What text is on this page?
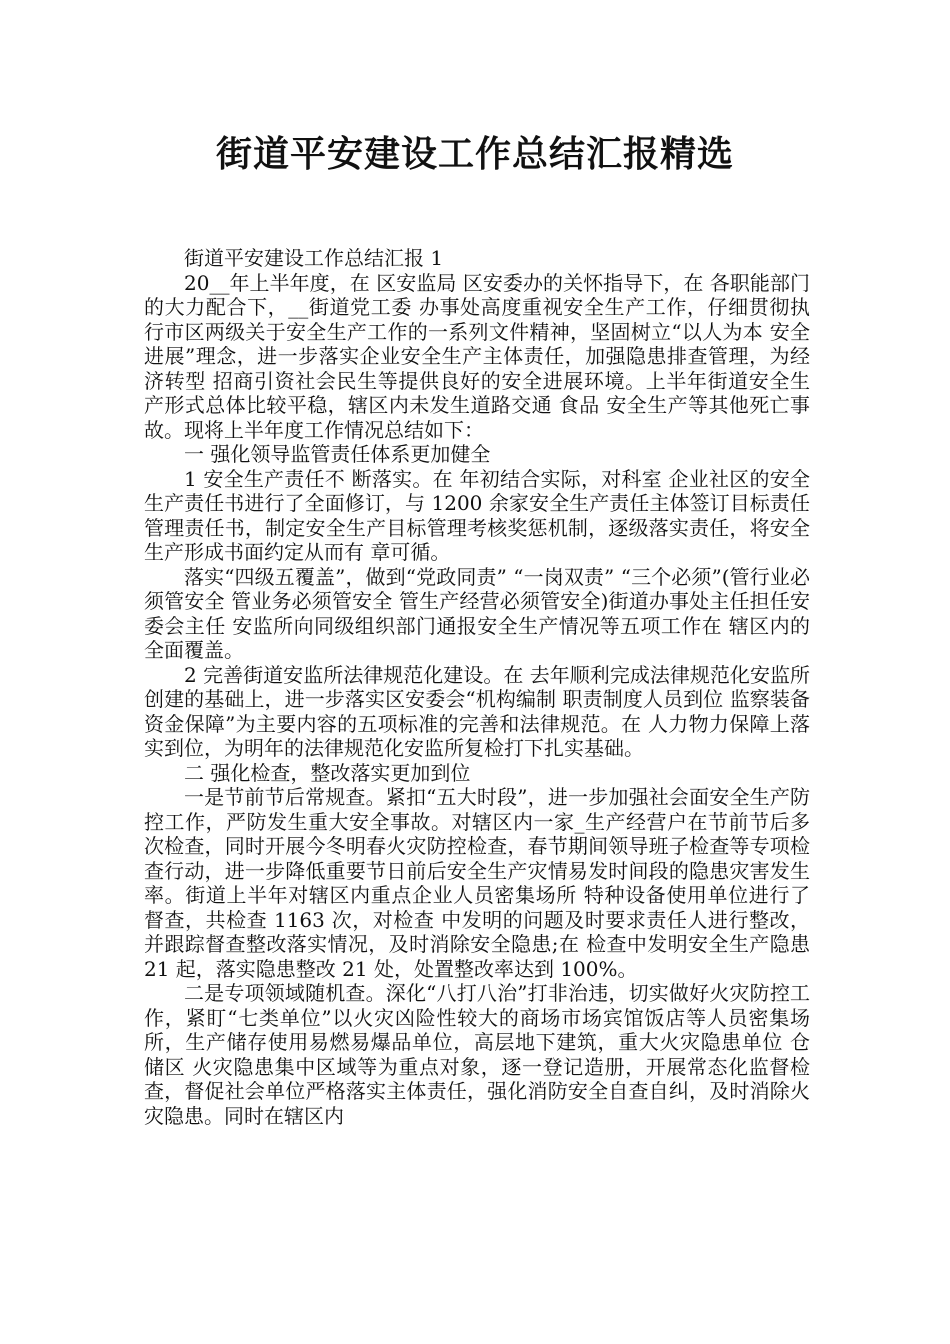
街道平安建设工作总结汇报精选

街道平安建设工作总结汇报 1

20__年上半年度，在 区安监局 区安委办的关怀指导下，在 各职能部门的大力配合下，__街道党工委 办事处高度重视安全生产工作，仔细贯彻执行市区两级关于安全生产工作的一系列文件精神，坚固树立“以人为本 安全进展”理念，进一步落实企业安全生产主体责任，加强隐患排查管理，为经济转型 招商引资社会民生等提供良好的安全进展环境。上半年街道安全生产形式总体比较平稳，辖区内未发生道路交通 食品 安全生产等其他死亡事故。现将上半年度工作情况总结如下：

一 强化领导监管责任体系更加健全

1 安全生产责任不 断落实。在 年初结合实际，对科室 企业社区的安全生产责任书进行了全面修订，与 1200 余家安全生产责任主体签订目标责任管理责任书，制定安全生产目标管理考核奖惩机制，逐级落实责任，将安全生产形成书面约定从而有 章可循。

落实“四级五覆盖”，做到“党政同责” “一岗双责” “三个必须”(管行业必须管安全 管业务必须管安全 管生产经营必须管安全)街道办事处主任担任安委会主任 安监所向同级组织部门通报安全生产情况等五项工作在 辖区内的全面覆盖。

2 完善街道安监所法律规范化建设。在 去年顺利完成法律规范化安监所创建的基础上，进一步落实区安委会“机构编制 职责制度人员到位 监察装备资金保障”为主要内容的五项标准的完善和法律规范。在 人力物力保障上落实到位，为明年的法律规范化安监所复检打下扎实基础。

二 强化检查，整改落实更加到位

一是节前节后常规查。紧扣“五大时段”，进一步加强社会面安全生产防控工作，严防发生重大安全事故。对辖区内一家_生产经营户在节前节后多次检查，同时开展今冬明春火灾防控检查，春节期间领导班子检查等专项检查行动，进一步降低重要节日前后安全生产灾情易发时间段的隐患灾害发生率。街道上半年对辖区内重点企业人员密集场所 特种设备使用单位进行了 督查，共检查 1163 次，对检查 中发明的问题及时要求责任人进行整改，并跟踪督查整改落实情况，及时消除安全隐患;在 检查中发明安全生产隐患 21 起，落实隐患整改 21 处，处置整改率达到 100%。

二是专项领域随机查。深化“八打八治”打非治违，切实做好火灾防控工作，紧盯“七类单位”以火灾凶险性较大的商场市场宾馆饭店等人员密集场所，生产储存使用易燃易爆品单位，高层地下建筑，重大火灾隐患单位 仓储区 火灾隐患集中区域等为重点对象，逐一登记造册，开展常态化监督检查，督促社会单位严格落实主体责任，强化消防安全自查自纠，及时消除火灾隐患。同时在辖区内
